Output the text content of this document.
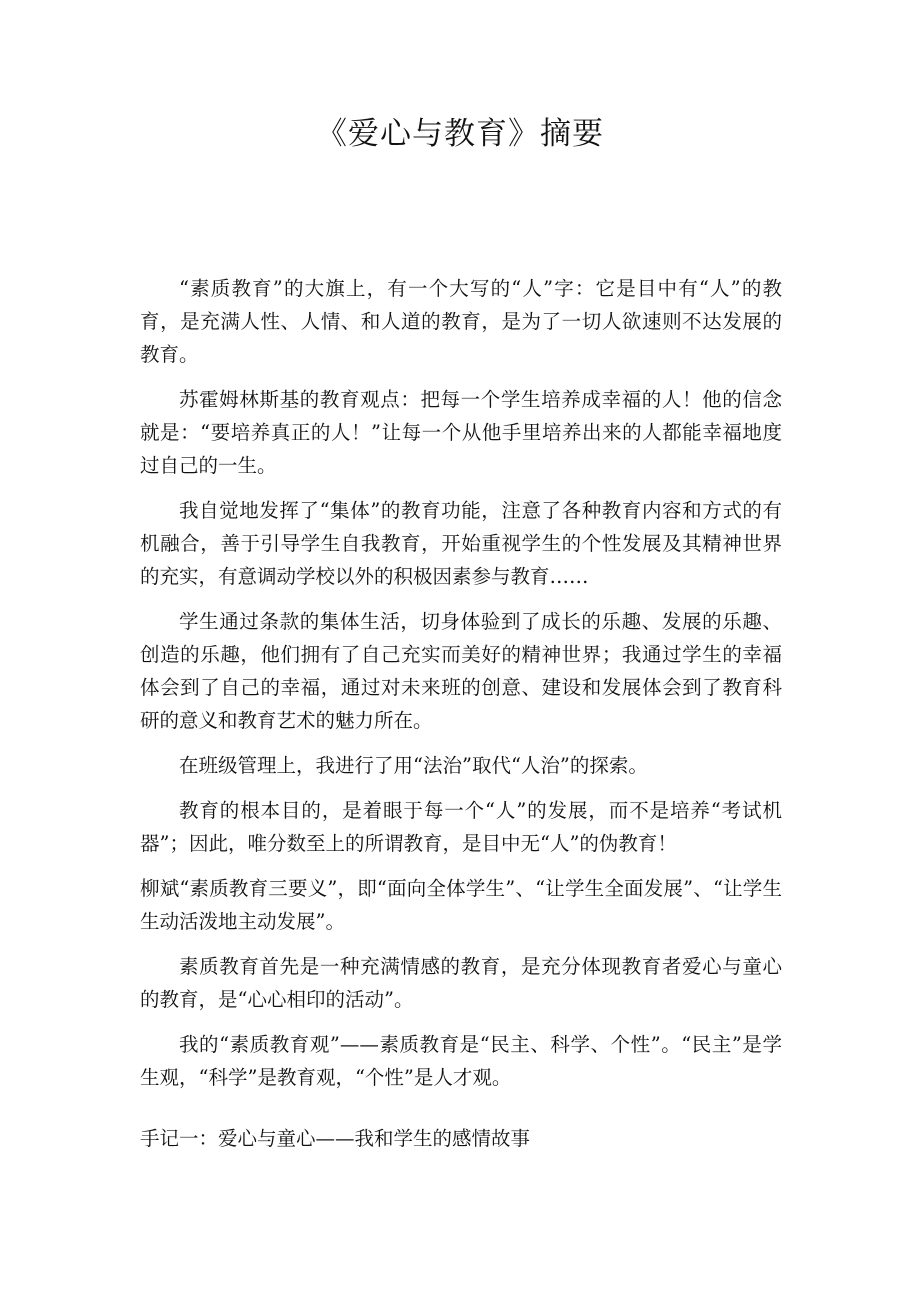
《爱心与教育》摘要

“素质教育”的大旗上，有一个大写的“人”字：它是目中有“人”的教育，是充满人性、人情、和人道的教育，是为了一切人欲速则不达发展的教育。

苏霍姆林斯基的教育观点：把每一个学生培养成幸福的人！他的信念就是：“要培养真正的人！”让每一个从他手里培养出来的人都能幸福地度过自己的一生。

我自觉地发挥了“集体”的教育功能，注意了各种教育内容和方式的有机融合，善于引导学生自我教育，开始重视学生的个性发展及其精神世界的充实，有意调动学校以外的积极因素参与教育……

学生通过条款的集体生活，切身体验到了成长的乐趣、发展的乐趣、创造的乐趣，他们拥有了自己充实而美好的精神世界；我通过学生的幸福体会到了自己的幸福，通过对未来班的创意、建设和发展体会到了教育科研的意义和教育艺术的魅力所在。

在班级管理上，我进行了用“法治”取代“人治”的探索。

教育的根本目的，是着眼于每一个“人”的发展，而不是培养“考试机器”；因此，唯分数至上的所谓教育，是目中无“人”的伪教育！

柳斌“素质教育三要义”，即“面向全体学生”、“让学生全面发展”、“让学生生动活泼地主动发展”。

素质教育首先是一种充满情感的教育，是充分体现教育者爱心与童心的教育，是“心心相印的活动”。

我的“素质教育观”——素质教育是“民主、科学、个性”。“民主”是学生观，“科学”是教育观，“个性”是人才观。

手记一：爱心与童心——我和学生的感情故事
